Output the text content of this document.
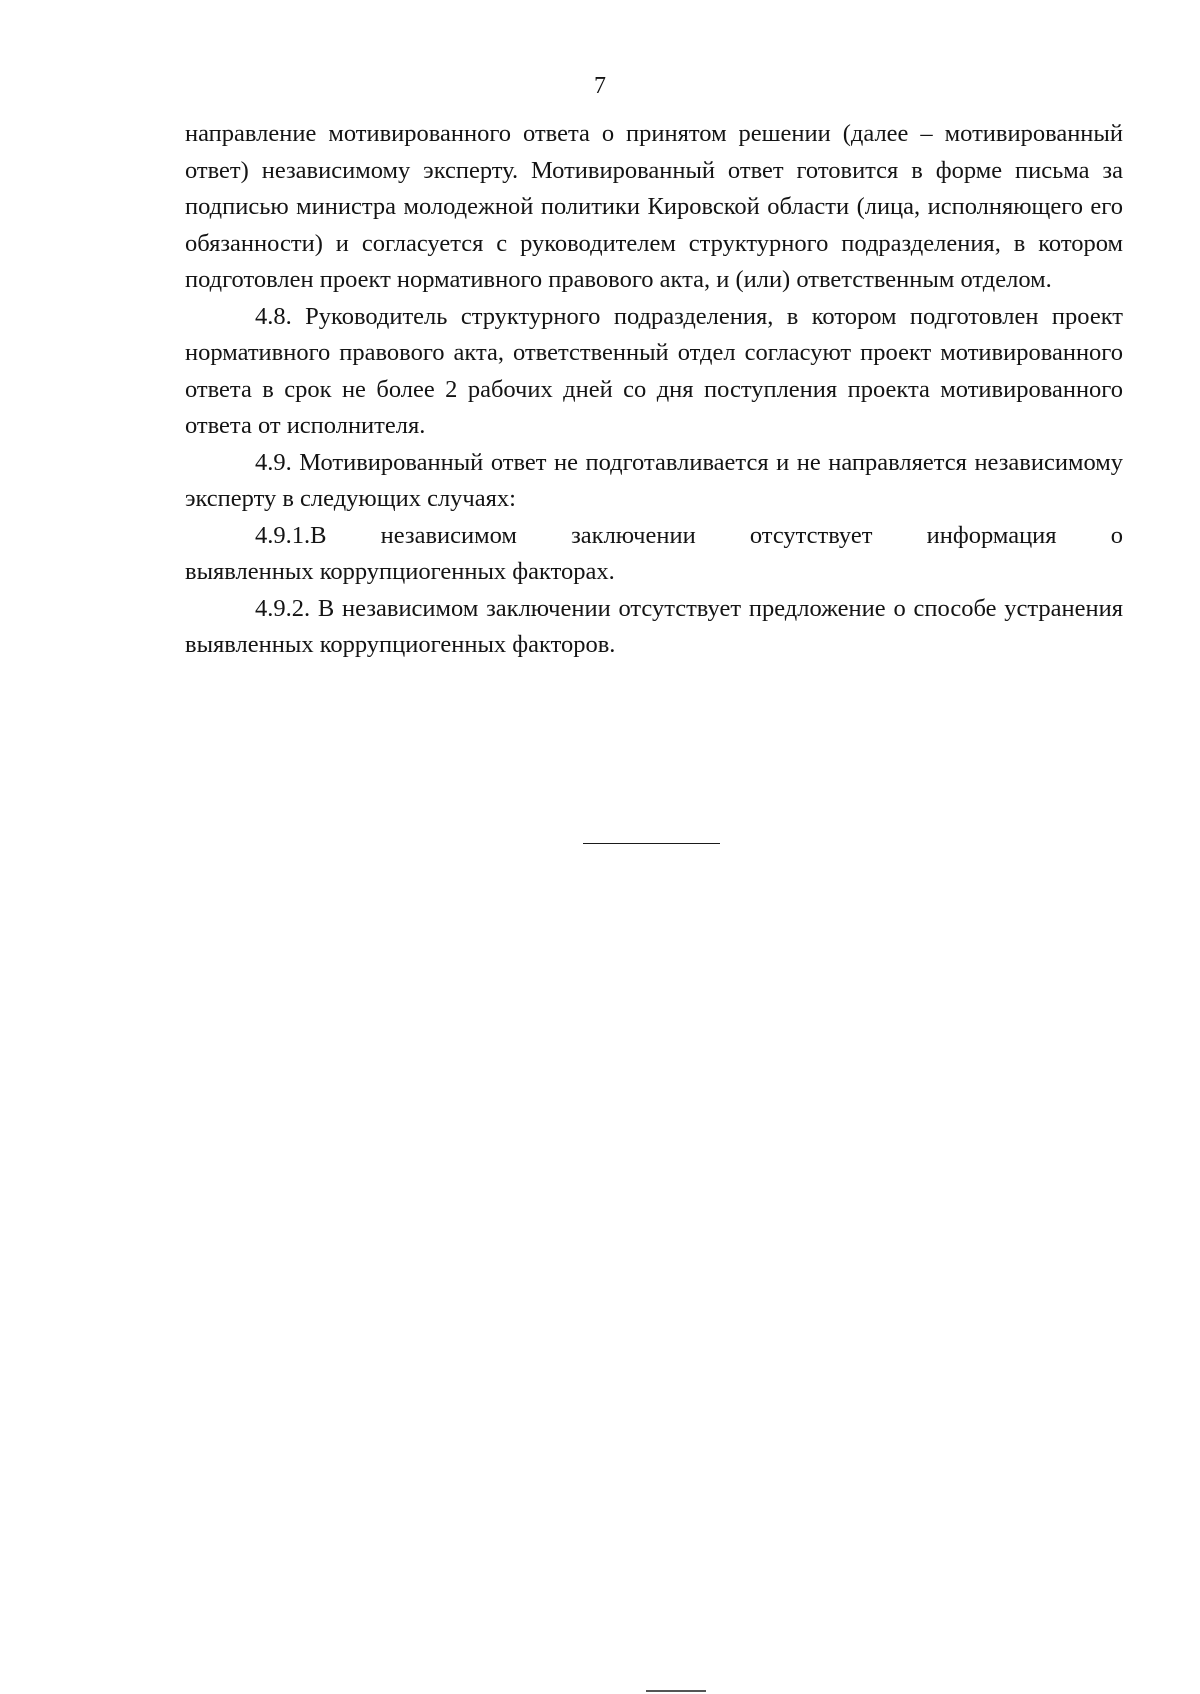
7

направление мотивированного ответа о принятом решении (далее – мотивированный ответ) независимому эксперту. Мотивированный ответ готовится в форме письма за подписью министра молодежной политики Кировской области (лица, исполняющего его обязанности) и согласуется с руководителем структурного подразделения, в котором подготовлен проект нормативного правового акта, и (или) ответственным отделом.

4.8. Руководитель структурного подразделения, в котором подготовлен проект нормативного правового акта, ответственный отдел согласуют проект мотивированного ответа в срок не более 2 рабочих дней со дня поступления проекта мотивированного ответа от исполнителя.

4.9. Мотивированный ответ не подготавливается и не направляется независимому эксперту в следующих случаях:

4.9.1.В независимом заключении отсутствует информация о

выявленных коррупциогенных факторах.

4.9.2. В независимом заключении отсутствует предложение о способе устранения выявленных коррупциогенных факторов.
